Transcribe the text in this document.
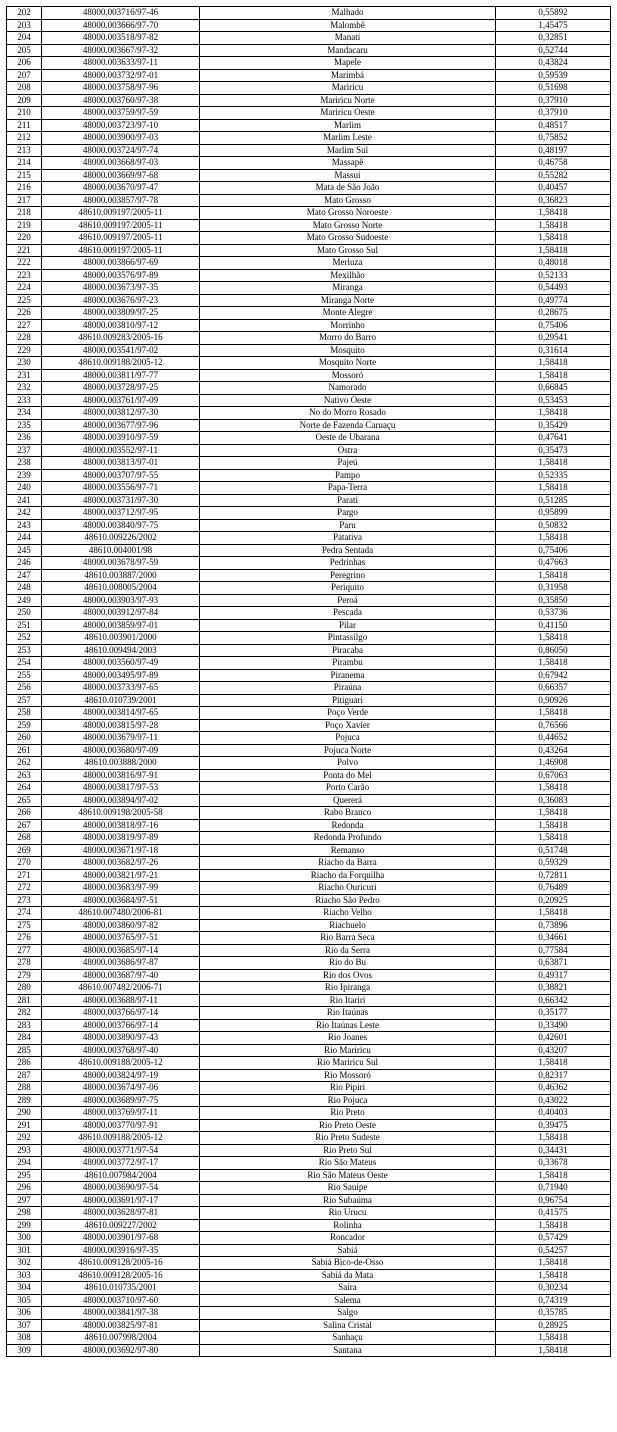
202	48000.003716/97-46	Malhado	0,55892
203	48000.003666/97-70	Malombê	1,45475
204	48000.003518/97-82	Manati	0,32851
205	48000.003667/97-32	Mandacaru	0,52744
206	48000.003633/97-11	Mapele	0,43824
207	48000.003732/97-01	Marimbá	0,59539
208	48000.003758/97-96	Mariricu	0,51698
209	48000.003760/97-38	Mariricu Norte	0,37910
210	48000.003759/97-59	Mariricu Oeste	0,37910
211	48000.003723/97-10	Marlim	0,48517
212	48000.003900/97-03	Marlim Leste	0,75852
213	48000.003724/97-74	Marlim Sul	0,48197
214	48000.003668/97-03	Massapê	0,46758
215	48000.003669/97-68	Massuí	0,55282
216	48000.003670/97-47	Mata de São João	0,40457
217	48000.003857/97-78	Mato Grosso	0,36823
218	48610.009197/2005-11	Mato Grosso Noroeste	1,58418
219	48610.009197/2005-11	Mato Grosso Norte	1,58418
220	48610.009197/2005-11	Mato Grosso Sudoeste	1,58418
221	48610.009197/2005-11	Mato Grosso Sul	1,58418
222	48000.003866/97-69	Merluza	0,48018
223	48000.003576/97-89	Mexilhão	0,52133
224	48000.003673/97-35	Miranga	0,54493
225	48000.003676/97-23	Miranga Norte	0,49774
226	48000.003809/97-25	Monte Alegre	0,28675
227	48000.003810/97-12	Morrinho	0,75406
228	48610.009283/2005-16	Morro do Barro	0,29541
229	48000.003541/97-02	Mosquito	0,31614
230	48610.009188/2005-12	Mosquito Norte	1,58418
231	48000.003811/97-77	Mossoró	1,58418
232	48000.003728/97-25	Namorado	0,66845
233	48000.003761/97-09	Nativo Oeste	0,53453
234	48000.003812/97-30	No do Morro Rosado	1,58418
235	48000.003677/97-96	Norte de Fazenda Caruaçu	0,35429
236	48000.003910/97-59	Oeste de Ubarana	0,47641
237	48000.003552/97-11	Ostra	0,35473
238	48000.003813/97-01	Pajeú	1,58418
239	48000.003707/97-55	Pampo	0,52335
240	48000.003556/97-71	Papa-Terra	1,58418
241	48000.003731/97-30	Parati	0,51285
242	48000.003712/97-95	Pargo	0,95899
243	48000.003840/97-75	Paru	0,50832
244	48610.009226/2002	Patativa	1,58418
245	48610.004001/98	Pedra Sentada	0,75406
246	48000.003678/97-59	Pedrinhas	0,47663
247	48610.003887/2000	Peregrino	1,58418
248	48610.008005/2004	Periquito	0,31958
249	48000.003903/97-93	Peroá	0,35850
250	48000.003912/97-84	Pescada	0,53736
251	48000.003859/97-01	Pilar	0,41150
252	48610.003901/2000	Pintassilgo	1,58418
253	48610.009494/2003	Piracaba	0,86050
254	48000.003560/97-49	Pirambu	1,58418
255	48000.003495/97-89	Piranema	0,67942
256	48000.003733/97-65	Piraúna	0,66357
257	48610.010739/2001	Pitiguari	0,90926
258	48000.003814/97-65	Poço Verde	1,58418
259	48000.003815/97-28	Poço Xavier	0,76566
260	48000.003679/97-11	Pojuca	0,44652
261	48000.003680/97-09	Pojuca Norte	0,43264
262	48610.003888/2000	Polvo	1,46908
263	48000.003816/97-91	Ponta do Mel	0,67063
264	48000.003817/97-53	Porto Carão	1,58418
265	48000.003894/97-02	Quererá	0,36083
266	48610.009198/2005-58	Rabo Branco	1,58418
267	48000.003818/97-16	Redonda	1,58418
268	48000.003819/97-89	Redonda Profundo	1,58418
269	48000.003671/97-18	Remanso	0,51748
270	48000.003682/97-26	Riacho da Barra	0,59329
271	48000.003821/97-21	Riacho da Forquilha	0,72811
272	48000.003683/97-99	Riacho Ouricuri	0,76489
273	48000.003684/97-51	Riacho São Pedro	0,20925
274	48610.007480/2006-81	Riacho Velho	1,58418
275	48000.003860/97-82	Riachuelo	0,73896
276	48000.003765/97-51	Rio Barra Seca	0,34661
277	48000.003685/97-14	Rio da Serra	0,77584
278	48000.003686/97-87	Rio do Bu	0,63871
279	48000.003687/97-40	Rio dos Ovos	0,49317
280	48610.007482/2006-71	Rio Ipiranga	0,38821
281	48000.003688/97-11	Rio Itariri	0,66342
282	48000.003766/97-14	Rio Itaúnas	0,35177
283	48000.003766/97-14	Rio Itaúnas Leste	0,33490
284	48000.003890/97-43	Rio Joanes	0,42601
285	48000.003768/97-40	Rio Mariricu	0,43207
286	48610.009188/2005-12	Rio Mariricu Sul	1,58418
287	48000.003824/97-19	Rio Mossoró	0,82317
288	48000.003674/97-06	Rio Pipiri	0,46362
289	48000.003689/97-75	Rio Pojuca	0,43022
290	48000.003769/97-11	Rio Preto	0,40403
291	48000.003770/97-91	Rio Preto Oeste	0,39475
292	48610.009188/2005-12	Rio Preto Sudeste	1,58418
293	48000.003771/97-54	Rio Preto Sul	0,34431
294	48000.003772/97-17	Rio São Mateus	0,33678
295	48610.007984/2004	Rio São Mateus Oeste	1,58418
296	48000.003690/97-54	Rio Sauípe	0,71940
297	48000.003691/97-17	Rio Subaúma	0,96754
298	48000.003628/97-81	Rio Urucu	0,41575
299	48610.009227/2002	Rolinha	1,58418
300	48000.003901/97-68	Roncador	0,57429
301	48000.003916/97-35	Sabiá	0,54257
302	48610.009128/2005-16	Sabiá Bico-de-Osso	1,58418
303	48610.009128/2005-16	Sabiá da Mata	1,58418
304	48610.010735/2001	Saíra	0,30234
305	48000.003710/97-60	Salema	0,74319
306	48000.003841/97-38	Salgo	0,35785
307	48000.003825/97-81	Salina Cristal	0,28925
308	48610.007998/2004	Sanhaçu	1,58418
309	48000.003692/97-80	Santana	1,58418
